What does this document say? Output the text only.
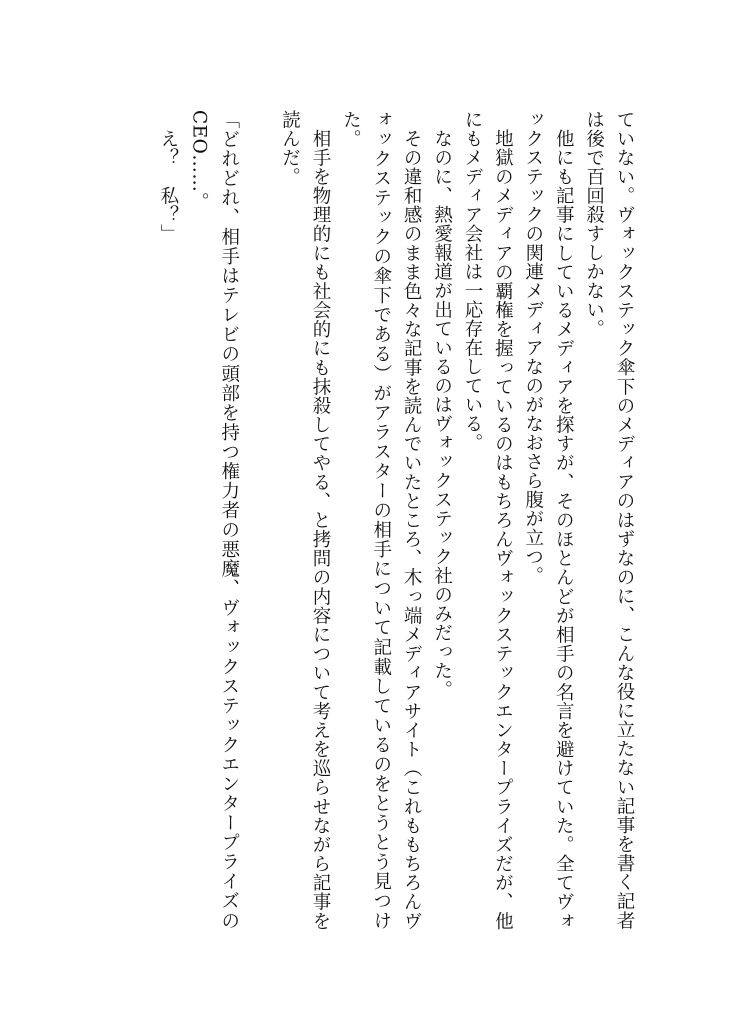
ていない。ヴォックステック傘下のメディアのはずなのに、こんな役に立たない記事を書く記者は後で百回殺すしかない。

他にも記事にしているメディアを探すが、そのほとんどが相手の名言を避けていた。全てヴォックステックの関連メディアなのがなおさら腹が立つ。

地獄のメディアの覇権を握っているのはもちろんヴォックステックエンタープライズだが、他にもメディア会社は一応存在している。

なのに、熱愛報道が出ているのはヴォックステック社のみだった。

その違和感のまま色々な記事を読んでいたところ、木っ端メディアサイト（これももちろんヴォックステックの傘下である）がアラスターの相手について記載しているのをとうとう見つけた。

相手を物理的にも社会的にも抹殺してやる、と拷問の内容について考えを巡らせながら記事を読んだ。

「どれどれ、相手はテレビの頭部を持つ権力者の悪魔、ヴォックステックエンタープライズのCEO……。

え？　私？」
